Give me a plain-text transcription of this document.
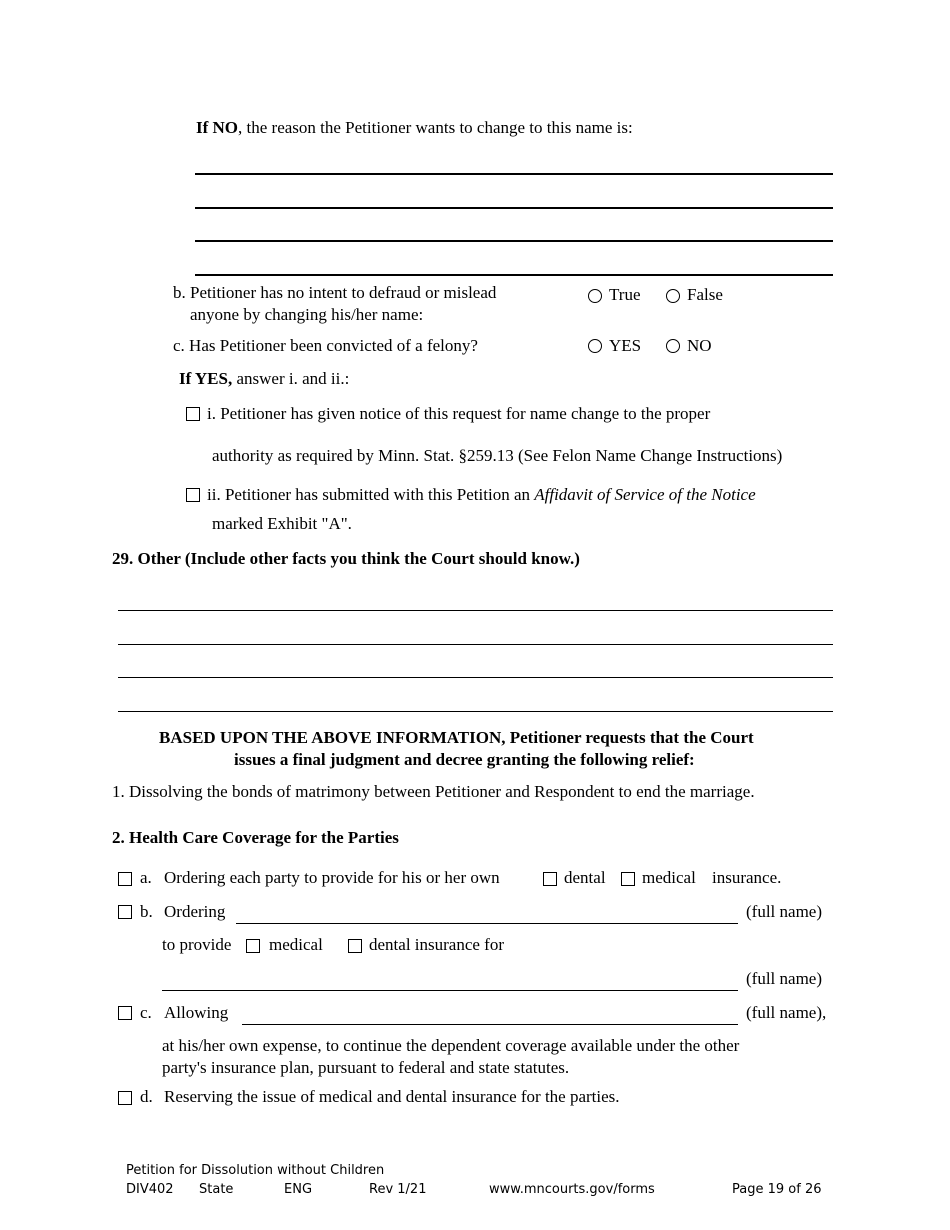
If NO, the reason the Petitioner wants to change to this name is:
b. Petitioner has no intent to defraud or mislead
anyone by changing his/her name:
True	False
c. Has Petitioner been convicted of a felony?	YES	NO
If YES, answer i. and ii.:
i. Petitioner has given notice of this request for name change to the proper
authority as required by Minn. Stat. §259.13 (See Felon Name Change Instructions)
ii. Petitioner has submitted with this Petition an Affidavit of Service of the Notice
marked Exhibit "A".
29. Other (Include other facts you think the Court should know.)
BASED UPON THE ABOVE INFORMATION, Petitioner requests that the Court
issues a final judgment and decree granting the following relief:
1. Dissolving the bonds of matrimony between Petitioner and Respondent to end the marriage.
2. Health Care Coverage for the Parties
a. Ordering each party to provide for his or her own	dental medical insurance.
b. Ordering	(full name)
to provide medical	dental insurance for
(full name)
c. Allowing	(full name),
at his/her own expense, to continue the dependent coverage available under the other
party's insurance plan, pursuant to federal and state statutes.
d. Reserving the issue of medical and dental insurance for the parties.
Petition for Dissolution without Children
DIV402 State	ENG	Rev 1/21	www.mncourts.gov/forms	Page 19 of 26
